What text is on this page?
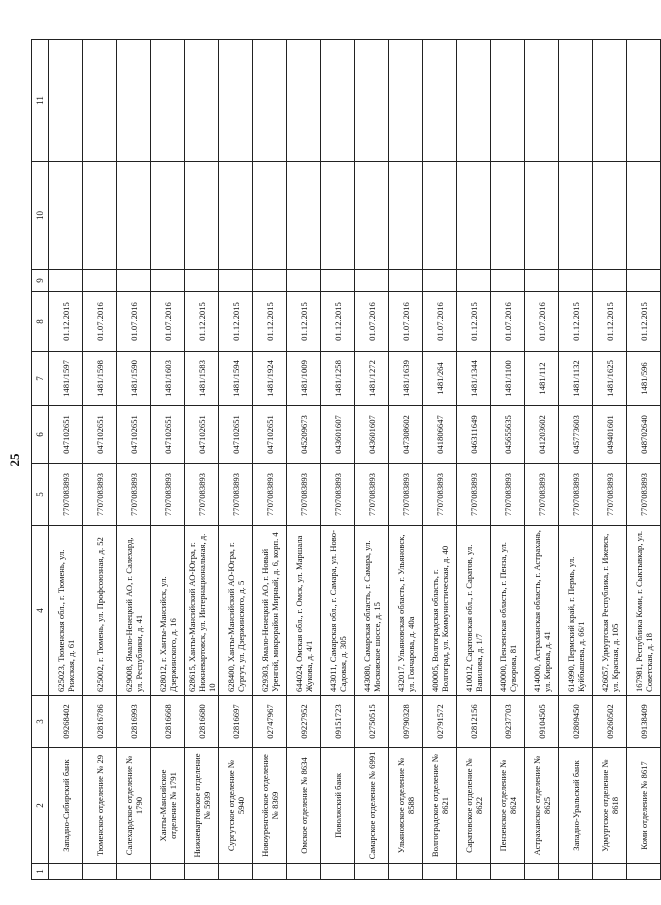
25
1	2	3	4	5	6	7	8	9	10	11
	Западно-Сибирский банк	09268402	625023, Тюменская обл., г. Тюмень, ул. Рижская, д. 61	7707083893	047102651	1481/1597	01.12.2015			
	Тюменское отделение № 29	02816786	625002, г. Тюмень, ул. Профсоюзная, д. 52	7707083893	047102651	1481/1598	01.07.2016			
	Салехардское отделение № 1790	02816993	629008, Ямало-Ненецкий АО, г. Салехард, ул. Республики, д. 41	7707083893	047102651	1481/1590	01.07.2016			
	Ханты-Мансийское отделение № 1791	02816668	628012, г. Ханты-Мансийск, ул. Дзержинского, д. 16	7707083893	047102651	1481/1603	01.07.2016			
	Нижневартовское отделение № 5939	02816680	628615, Ханты-Мансийский АО-Югра, г. Нижневартовск, ул. Интернациональная, д. 10	7707083893	047102651	1481/1583	01.12.2015			
	Сургутское отделение № 5940	02816697	628400, Ханты-Мансийский АО-Югра, г. Сургут, ул. Дзержинского, д. 5	7707083893	047102651	1481/1594	01.12.2015			
	Новоуренгойское отделение № 8369	02747967	629303, Ямало-Ненецкий АО, г. Новый Уренгой, микрорайон Мирный, д. 6, корп. 4	7707083893	047102651	1481/1924	01.12.2015			
	Омское отделение № 8634	09227952	644024, Омская обл., г. Омск, ул. Маршала Жукова, д. 4/1	7707083893	045209673	1481/1009	01.12.2015			
	Поволжский банк	09151723	443011, Самарская обл., г. Самара, ул. Ново-Садовая, д. 305	7707083893	043601607	1481/1258	01.12.2015			
	Самарское отделение № 6991	02750515	443080, Самарская область, г. Самара, ул. Московское шоссе, д. 15	7707083893	043601607	1481/1272	01.07.2016			
	Ульяновское отделение № 8588	09790328	432017, Ульяновская область, г. Ульяновск, ул. Гончарова, д. 40а	7707083893	047308602	1481/1639	01.07.2016			
	Волгоградское отделение № 8621	02791572	400005, Волгоградская область, г. Волгоград, ул. Коммунистическая, д. 40	7707083893	041806647	1481/264	01.07.2016			
	Саратовское отделение № 8622	02812156	410012, Саратовская обл., г. Саратов, ул. Вавилова, д. 1/7	7707083893	046311649	1481/1344	01.12.2015			
	Пензенское отделение № 8624	09237703	440000, Пензенская область, г. Пенза, ул. Суворова, 81	7707083893	045655635	1481/1100	01.07.2016			
	Астраханское отделение № 8625	09104505	414000, Астраханская область, г. Астрахань, ул. Кирова, д. 41	7707083893	041203602	1481/112	01.07.2016			
	Западно-Уральский банк	02809450	614990, Пермский край, г. Пермь, ул. Куйбышева, д. 66/1	7707083893	045773603	1481/1132	01.12.2015			
	Удмуртское отделение № 8618	09260502	426057, Удмуртская Республика, г. Ижевск, ул. Красная, д. 105	7707083893	049401601	1481/1625	01.12.2015			
	Коми отделение № 8617	09138409	167981, Республика Коми, г. Сыктывкар, ул. Советская, д. 18	7707083893	048702640	1481/596	01.12.2015			
